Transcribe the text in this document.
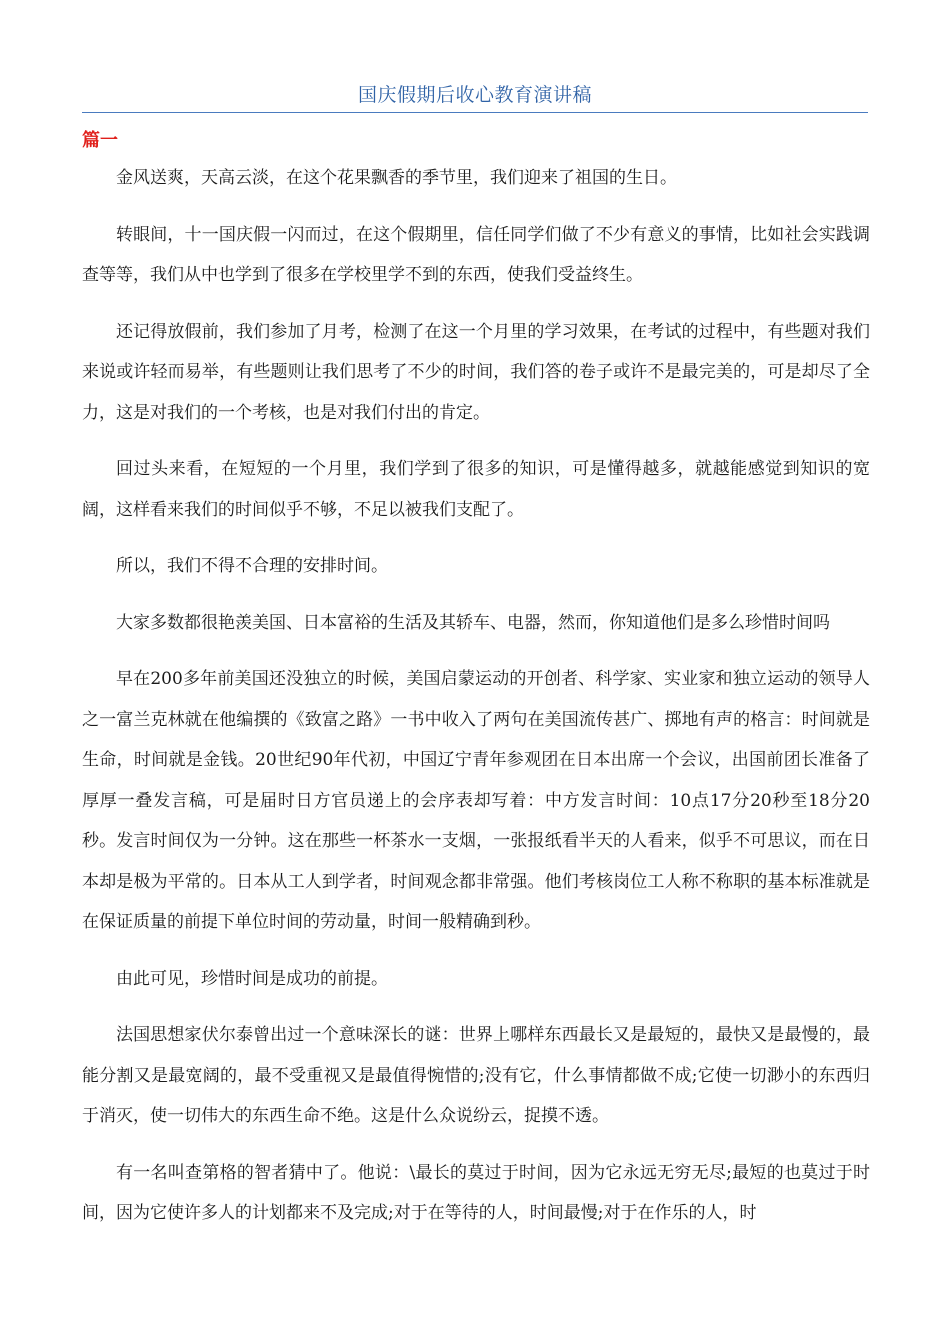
国庆假期后收心教育演讲稿
篇一

金风送爽，天高云淡，在这个花果飘香的季节里，我们迎来了祖国的生日。

转眼间，十一国庆假一闪而过，在这个假期里，信任同学们做了不少有意义的事情，比如社会实践调查等等，我们从中也学到了很多在学校里学不到的东西，使我们受益终生。

还记得放假前，我们参加了月考，检测了在这一个月里的学习效果，在考试的过程中，有些题对我们来说或许轻而易举，有些题则让我们思考了不少的时间，我们答的卷子或许不是最完美的，可是却尽了全力，这是对我们的一个考核，也是对我们付出的肯定。

回过头来看，在短短的一个月里，我们学到了很多的知识，可是懂得越多，就越能感觉到知识的宽阔，这样看来我们的时间似乎不够，不足以被我们支配了。

所以，我们不得不合理的安排时间。

大家多数都很艳羡美国、日本富裕的生活及其轿车、电器，然而，你知道他们是多么珍惜时间吗

早在200多年前美国还没独立的时候，美国启蒙运动的开创者、科学家、实业家和独立运动的领导人之一富兰克林就在他编撰的《致富之路》一书中收入了两句在美国流传甚广、掷地有声的格言：时间就是生命，时间就是金钱。20世纪90年代初，中国辽宁青年参观团在日本出席一个会议，出国前团长准备了厚厚一叠发言稿，可是届时日方官员递上的会序表却写着：中方发言时间：10点17分20秒至18分20秒。发言时间仅为一分钟。这在那些一杯茶水一支烟，一张报纸看半天的人看来，似乎不可思议，而在日本却是极为平常的。日本从工人到学者，时间观念都非常强。他们考核岗位工人称不称职的基本标准就是在保证质量的前提下单位时间的劳动量，时间一般精确到秒。

由此可见，珍惜时间是成功的前提。

法国思想家伏尔泰曾出过一个意味深长的谜：世界上哪样东西最长又是最短的，最快又是最慢的，最能分割又是最宽阔的，最不受重视又是最值得惋惜的;没有它，什么事情都做不成;它使一切渺小的东西归于消灭，使一切伟大的东西生命不绝。这是什么众说纷云，捉摸不透。

有一名叫查第格的智者猜中了。他说：\最长的莫过于时间，因为它永远无穷无尽;最短的也莫过于时间，因为它使许多人的计划都来不及完成;对于在等待的人，时间最慢;对于在作乐的人，时
